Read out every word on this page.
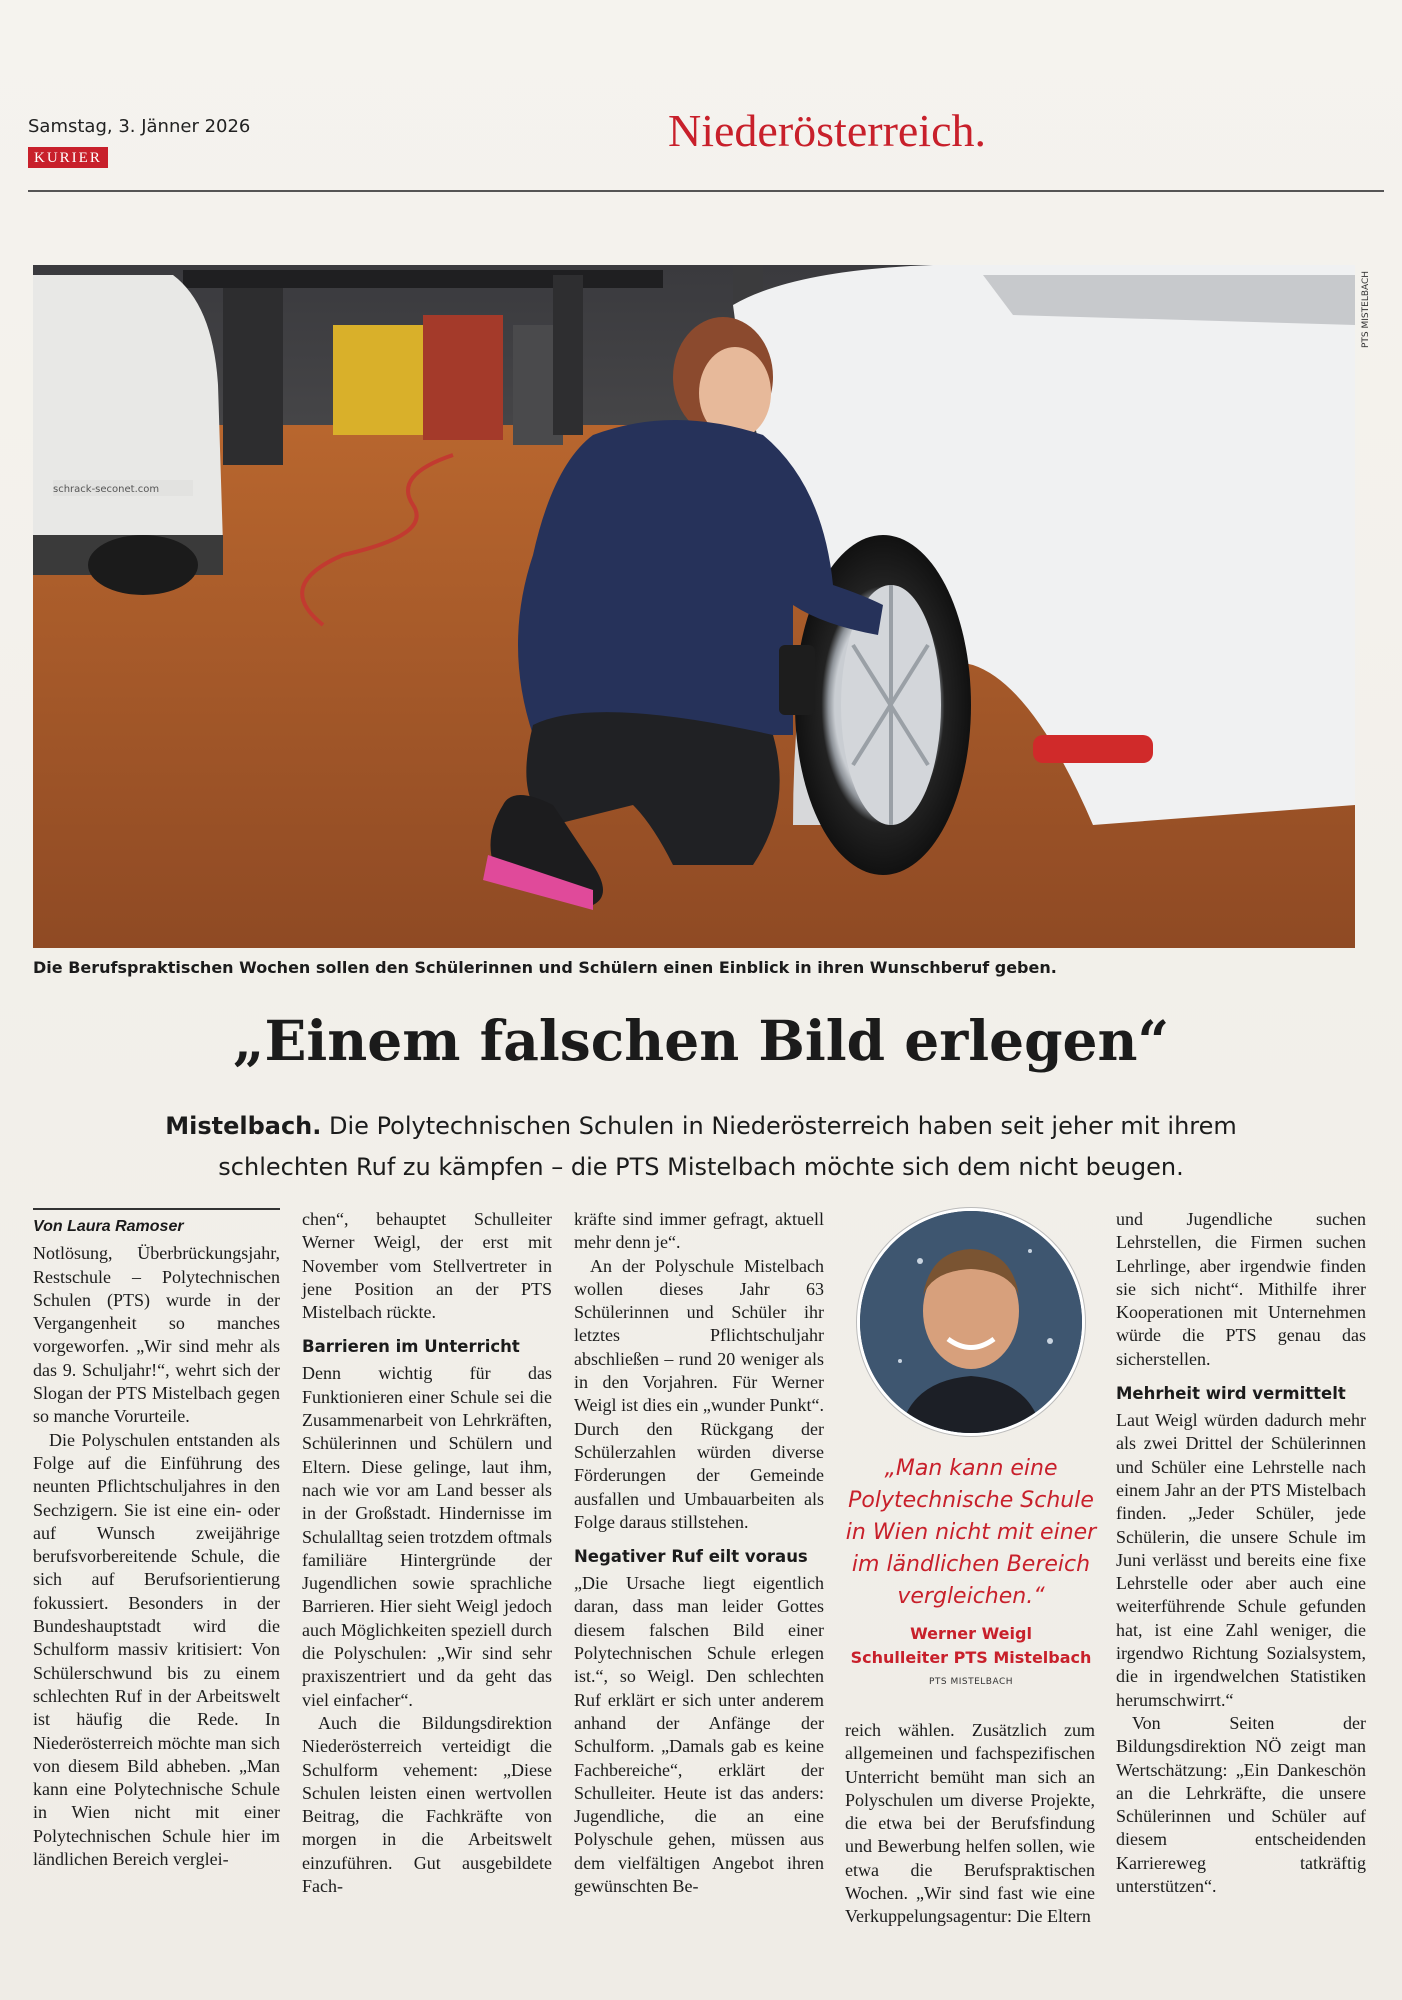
Samstag, 3. Jänner 2026
KURIER
Niederösterreich.
schrack-seconet.com
PTS MISTELBACH
Die Berufspraktischen Wochen sollen den Schülerinnen und Schülern einen Einblick in ihren Wunschberuf geben.
„Einem falschen Bild erlegen“
Mistelbach. Die Polytechnischen Schulen in Niederösterreich haben seit jeher mit ihrem schlechten Ruf zu kämpfen – die PTS Mistelbach möchte sich dem nicht beugen.
Von Laura Ramoser

Notlösung, Überbrückungsjahr, Restschule – Polytechnischen Schulen (PTS) wurde in der Vergangenheit so manches vorgeworfen. „Wir sind mehr als das 9. Schuljahr!“, wehrt sich der Slogan der PTS Mistelbach gegen so manche Vorurteile.

Die Polyschulen entstanden als Folge auf die Einführung des neunten Pflichtschuljahres in den Sechzigern. Sie ist eine ein- oder auf Wunsch zweijährige berufsvorbereitende Schule, die sich auf Berufsorientierung fokussiert. Besonders in der Bundeshauptstadt wird die Schulform massiv kritisiert: Von Schülerschwund bis zu einem schlechten Ruf in der Arbeitswelt ist häufig die Rede. In Niederösterreich möchte man sich von diesem Bild abheben. „Man kann eine Polytechnische Schule in Wien nicht mit einer Polytechnischen Schule hier im ländlichen Bereich verglei-

chen“, behauptet Schulleiter Werner Weigl, der erst mit November vom Stellvertreter in jene Position an der PTS Mistelbach rückte.

Barrieren im Unterricht

Denn wichtig für das Funktionieren einer Schule sei die Zusammenarbeit von Lehrkräften, Schülerinnen und Schülern und Eltern. Diese gelinge, laut ihm, nach wie vor am Land besser als in der Großstadt. Hindernisse im Schulalltag seien trotzdem oftmals familiäre Hintergründe der Jugendlichen sowie sprachliche Barrieren. Hier sieht Weigl jedoch auch Möglichkeiten speziell durch die Polyschulen: „Wir sind sehr praxiszentriert und da geht das viel einfacher“.

Auch die Bildungsdirektion Niederösterreich verteidigt die Schulform vehement: „Diese Schulen leisten einen wertvollen Beitrag, die Fachkräfte von morgen in die Arbeitswelt einzuführen. Gut ausgebildete Fach-

kräfte sind immer gefragt, aktuell mehr denn je“.

An der Polyschule Mistelbach wollen dieses Jahr 63 Schülerinnen und Schüler ihr letztes Pflichtschuljahr abschließen – rund 20 weniger als in den Vorjahren. Für Werner Weigl ist dies ein „wunder Punkt“. Durch den Rückgang der Schülerzahlen würden diverse Förderungen der Gemeinde ausfallen und Umbauarbeiten als Folge daraus stillstehen.

Negativer Ruf eilt voraus

„Die Ursache liegt eigentlich daran, dass man leider Gottes diesem falschen Bild einer Polytechnischen Schule erlegen ist.“, so Weigl. Den schlechten Ruf erklärt er sich unter anderem anhand der Anfänge der Schulform. „Damals gab es keine Fachbereiche“, erklärt der Schulleiter. Heute ist das anders: Jugendliche, die an eine Polyschule gehen, müssen aus dem vielfältigen Angebot ihren gewünschten Be-

„Man kann eine Polytechnische Schule in Wien nicht mit einer im ländlichen Bereich vergleichen.“
Werner Weigl
Schulleiter PTS Mistelbach
PTS MISTELBACH

reich wählen. Zusätzlich zum allgemeinen und fachspezifischen Unterricht bemüht man sich an Polyschulen um diverse Projekte, die etwa bei der Berufsfindung und Bewerbung helfen sollen, wie etwa die Berufspraktischen Wochen. „Wir sind fast wie eine Verkuppelungsagentur: Die Eltern

und Jugendliche suchen Lehrstellen, die Firmen suchen Lehrlinge, aber irgendwie finden sie sich nicht“. Mithilfe ihrer Kooperationen mit Unternehmen würde die PTS genau das sicherstellen.

Mehrheit wird vermittelt

Laut Weigl würden dadurch mehr als zwei Drittel der Schülerinnen und Schüler eine Lehrstelle nach einem Jahr an der PTS Mistelbach finden. „Jeder Schüler, jede Schülerin, die unsere Schule im Juni verlässt und bereits eine fixe Lehrstelle oder aber auch eine weiterführende Schule gefunden hat, ist eine Zahl weniger, die irgendwo Richtung Sozialsystem, die in irgendwelchen Statistiken herumschwirrt.“

Von Seiten der Bildungsdirektion NÖ zeigt man Wertschätzung: „Ein Dankeschön an die Lehrkräfte, die unsere Schülerinnen und Schüler auf diesem entscheidenden Karriereweg tatkräftig unterstützen“.
